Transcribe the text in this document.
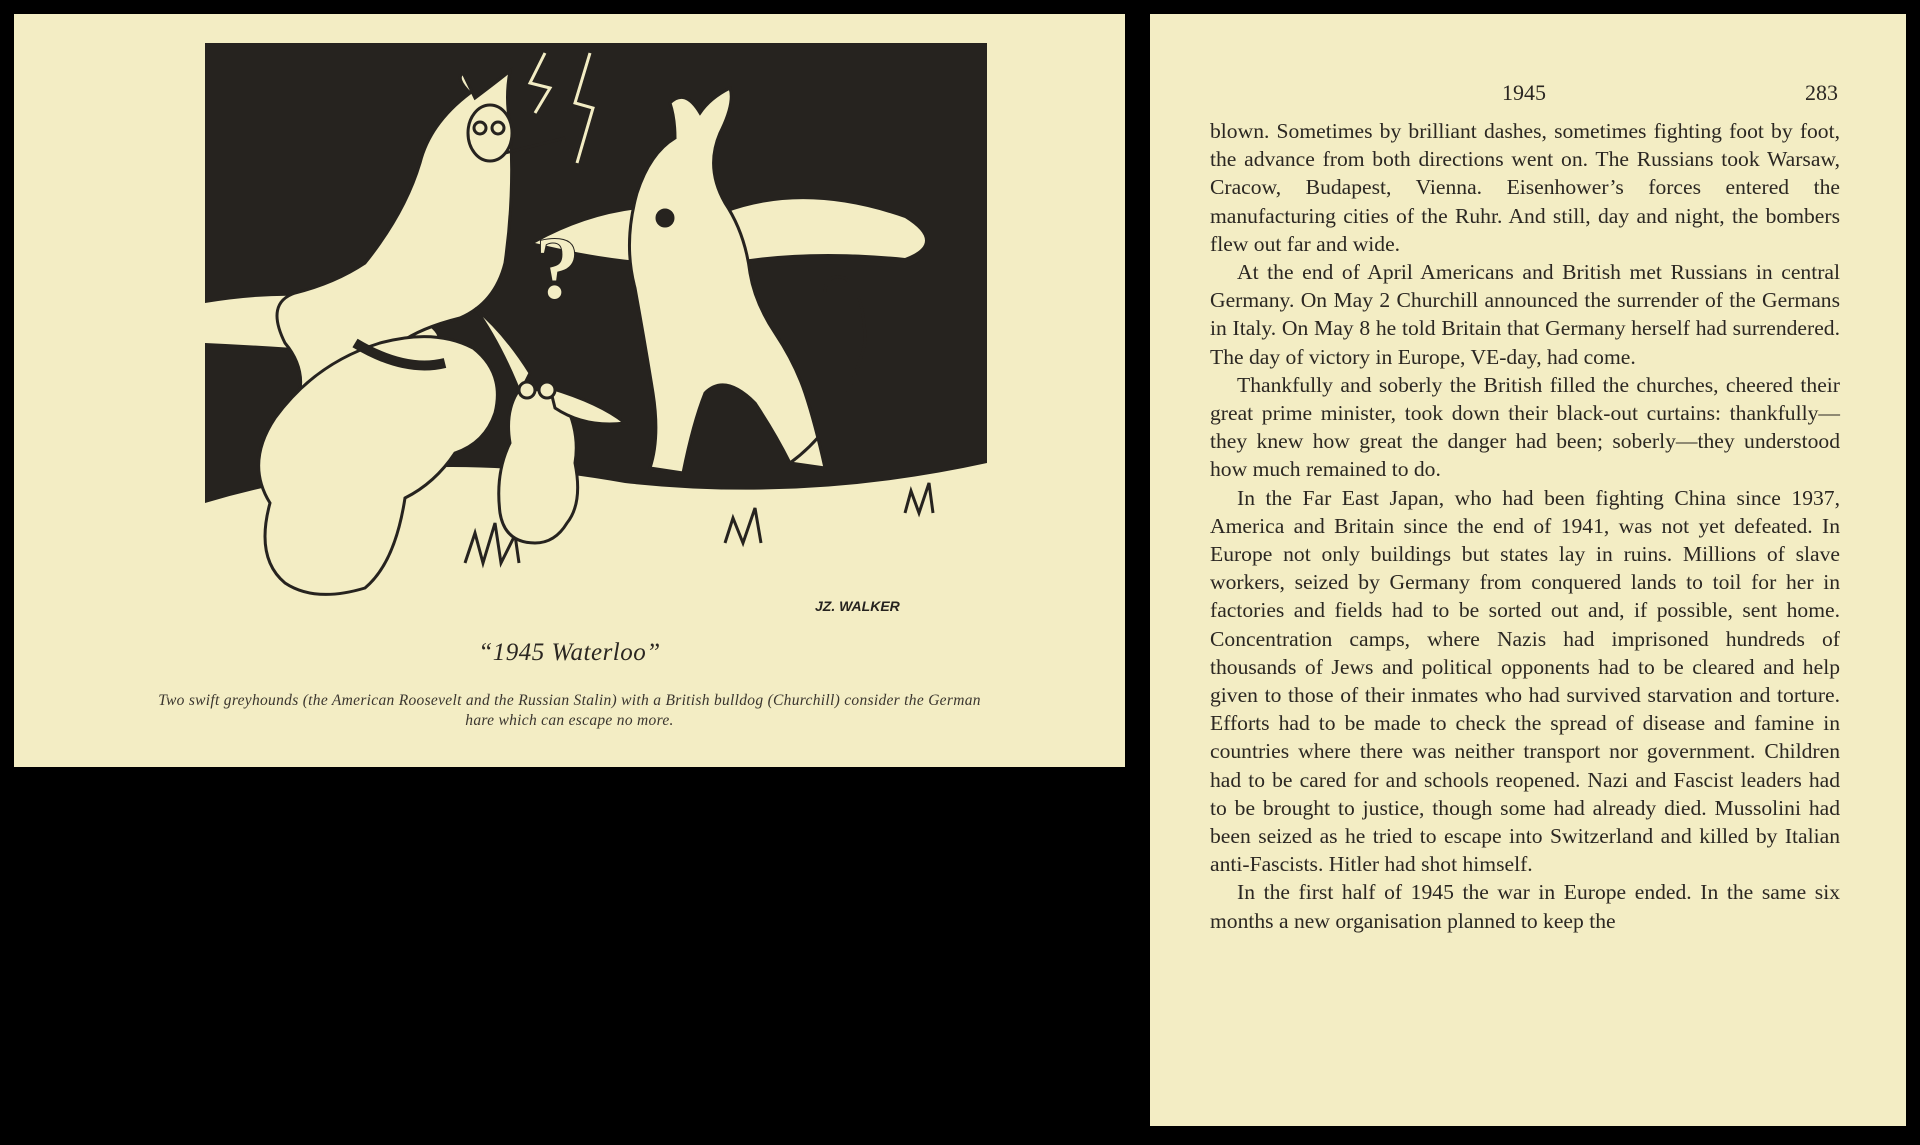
?
JZ. WALKER
“1945 Waterloo”
Two swift greyhounds (the American Roosevelt and the Russian Stalin) with a British bulldog (Churchill) consider the German hare which can escape no more.
1945	283

blown. Sometimes by brilliant dashes, sometimes fighting foot by foot, the advance from both directions went on. The Russians took Warsaw, Cracow, Budapest, Vienna. Eisenhower’s forces entered the manufacturing cities of the Ruhr. And still, day and night, the bombers flew out far and wide.

At the end of April Americans and British met Russians in central Germany. On May 2 Churchill announced the surrender of the Germans in Italy. On May 8 he told Britain that Germany herself had surrendered. The day of victory in Europe, VE-day, had come.

Thankfully and soberly the British filled the churches, cheered their great prime minister, took down their black-out curtains: thankfully—they knew how great the danger had been; soberly—they understood how much remained to do.

In the Far East Japan, who had been fighting China since 1937, America and Britain since the end of 1941, was not yet defeated. In Europe not only buildings but states lay in ruins. Millions of slave workers, seized by Germany from conquered lands to toil for her in factories and fields had to be sorted out and, if possible, sent home. Concentration camps, where Nazis had imprisoned hundreds of thousands of Jews and political opponents had to be cleared and help given to those of their inmates who had survived starvation and torture. Efforts had to be made to check the spread of disease and famine in countries where there was neither transport nor government. Children had to be cared for and schools reopened. Nazi and Fascist leaders had to be brought to justice, though some had already died. Mussolini had been seized as he tried to escape into Switzerland and killed by Italian anti-Fascists. Hitler had shot himself.

In the first half of 1945 the war in Europe ended. In the same six months a new organisation planned to keep the
